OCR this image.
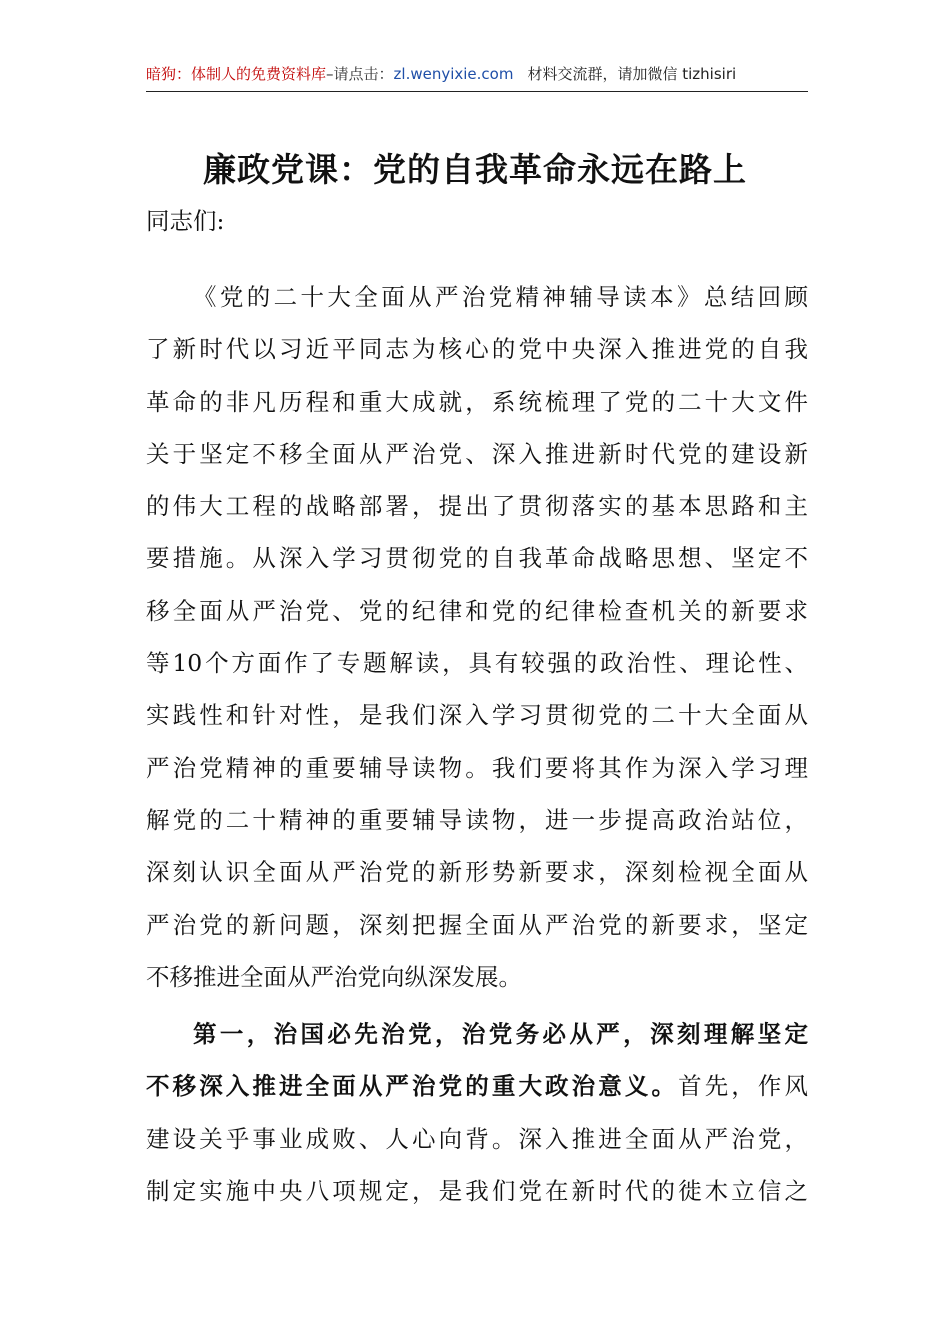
暗狗：体制人的免费资料库–请点击：zl.wenyixie.com 材料交流群，请加微信 tizhisiri
廉政党课：党的自我革命永远在路上
同志们:
《党的二十大全面从严治党精神辅导读本》总结回顾
了新时代以习近平同志为核心的党中央深入推进党的自我
革命的非凡历程和重大成就，系统梳理了党的二十大文件
关于坚定不移全面从严治党、深入推进新时代党的建设新
的伟大工程的战略部署，提出了贯彻落实的基本思路和主
要措施。从深入学习贯彻党的自我革命战略思想、坚定不
移全面从严治党、党的纪律和党的纪律检查机关的新要求
等10个方面作了专题解读，具有较强的政治性、理论性、
实践性和针对性，是我们深入学习贯彻党的二十大全面从
严治党精神的重要辅导读物。我们要将其作为深入学习理
解党的二十精神的重要辅导读物，进一步提高政治站位，
深刻认识全面从严治党的新形势新要求，深刻检视全面从
严治党的新问题，深刻把握全面从严治党的新要求，坚定
不移推进全面从严治党向纵深发展。
第一，治国必先治党，治党务必从严，深刻理解坚定
不移深入推进全面从严治党的重大政治意义。首先，作风
建设关乎事业成败、人心向背。深入推进全面从严治党，
制定实施中央八项规定，是我们党在新时代的徙木立信之
